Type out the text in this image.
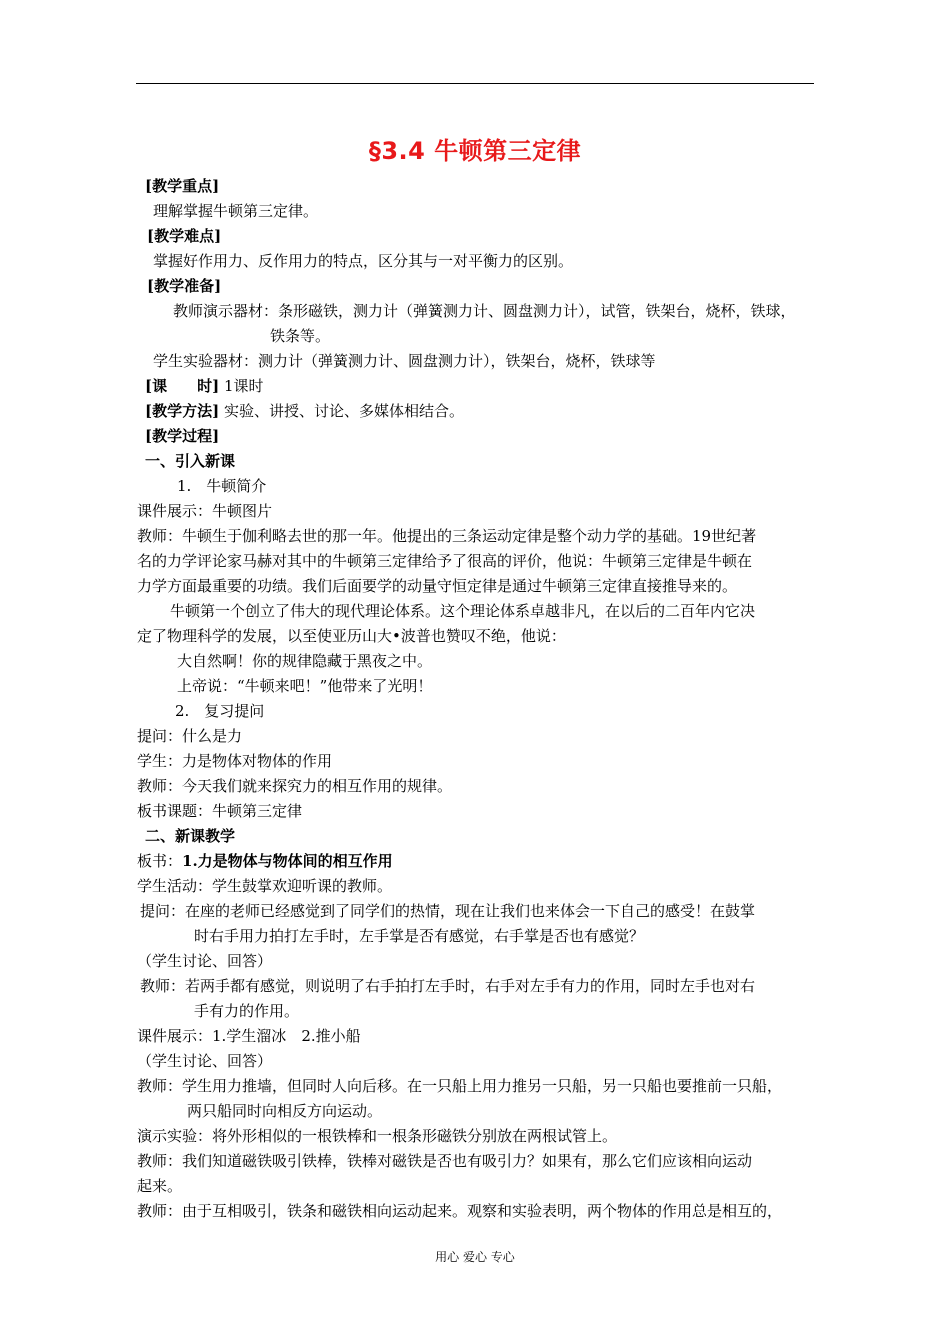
§3.4 牛顿第三定律
[教学重点]
理解掌握牛顿第三定律。
[教学难点]
掌握好作用力、反作用力的特点，区分其与一对平衡力的区别。
[教学准备]
教师演示器材：条形磁铁，测力计（弹簧测力计、圆盘测力计），试管，铁架台，烧杯，铁球，
铁条等。
学生实验器材：测力计（弹簧测力计、圆盘测力计），铁架台，烧杯，铁球等
[课　　时] 1课时
[教学方法] 实验、讲授、讨论、多媒体相结合。
[教学过程]
一、引入新课
1.　牛顿简介
课件展示：牛顿图片
教师：牛顿生于伽利略去世的那一年。他提出的三条运动定律是整个动力学的基础。19世纪著
名的力学评论家马赫对其中的牛顿第三定律给予了很高的评价，他说：牛顿第三定律是牛顿在
力学方面最重要的功绩。我们后面要学的动量守恒定律是通过牛顿第三定律直接推导来的。
牛顿第一个创立了伟大的现代理论体系。这个理论体系卓越非凡，在以后的二百年内它决
定了物理科学的发展，以至使亚历山大•波普也赞叹不绝，他说：
大自然啊！你的规律隐藏于黑夜之中。
上帝说：“牛顿来吧！”他带来了光明！
2.　复习提问
提问：什么是力
学生：力是物体对物体的作用
教师：今天我们就来探究力的相互作用的规律。
板书课题：牛顿第三定律
二、新课教学
板书：1.力是物体与物体间的相互作用
学生活动：学生鼓掌欢迎听课的教师。
提问：在座的老师已经感觉到了同学们的热情，现在让我们也来体会一下自己的感受！在鼓掌
时右手用力拍打左手时，左手掌是否有感觉，右手掌是否也有感觉？
（学生讨论、回答）
教师：若两手都有感觉，则说明了右手拍打左手时，右手对左手有力的作用，同时左手也对右
手有力的作用。
课件展示：1.学生溜冰　2.推小船
（学生讨论、回答）
教师：学生用力推墙，但同时人向后移。在一只船上用力推另一只船，另一只船也要推前一只船，
两只船同时向相反方向运动。
演示实验：将外形相似的一根铁棒和一根条形磁铁分别放在两根试管上。
教师：我们知道磁铁吸引铁棒，铁棒对磁铁是否也有吸引力？如果有，那么它们应该相向运动
起来。
教师：由于互相吸引，铁条和磁铁相向运动起来。观察和实验表明，两个物体的作用总是相互的，
用心 爱心 专心
